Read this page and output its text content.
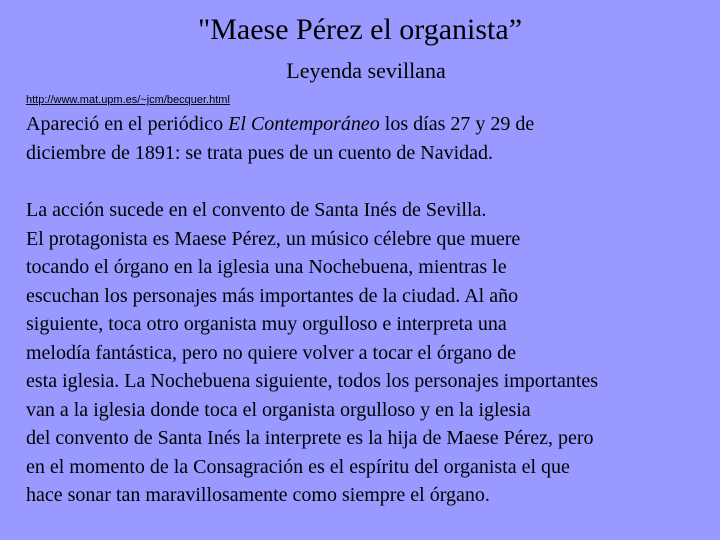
"Maese Pérez el organista”
Leyenda sevillana
http://www.mat.upm.es/~jcm/becquer.html
Apareció en el periódico El Contemporáneo los días 27 y 29 de
diciembre de 1891: se trata pues de un cuento de Navidad.
La acción sucede en el convento de Santa Inés de Sevilla.
El protagonista es Maese Pérez, un músico célebre que muere
tocando el órgano en la iglesia una Nochebuena, mientras le
escuchan los personajes más importantes de la ciudad. Al año
siguiente, toca otro organista muy orgulloso e interpreta una
melodía fantástica, pero no quiere volver a tocar el órgano de
esta iglesia. La Nochebuena siguiente, todos los personajes importantes
van a la iglesia donde toca el organista orgulloso y en la iglesia
del convento de Santa Inés la interprete es la hija de Maese Pérez, pero
en el momento de la Consagración es el espíritu del organista el que
hace sonar tan maravillosamente como siempre el órgano.
